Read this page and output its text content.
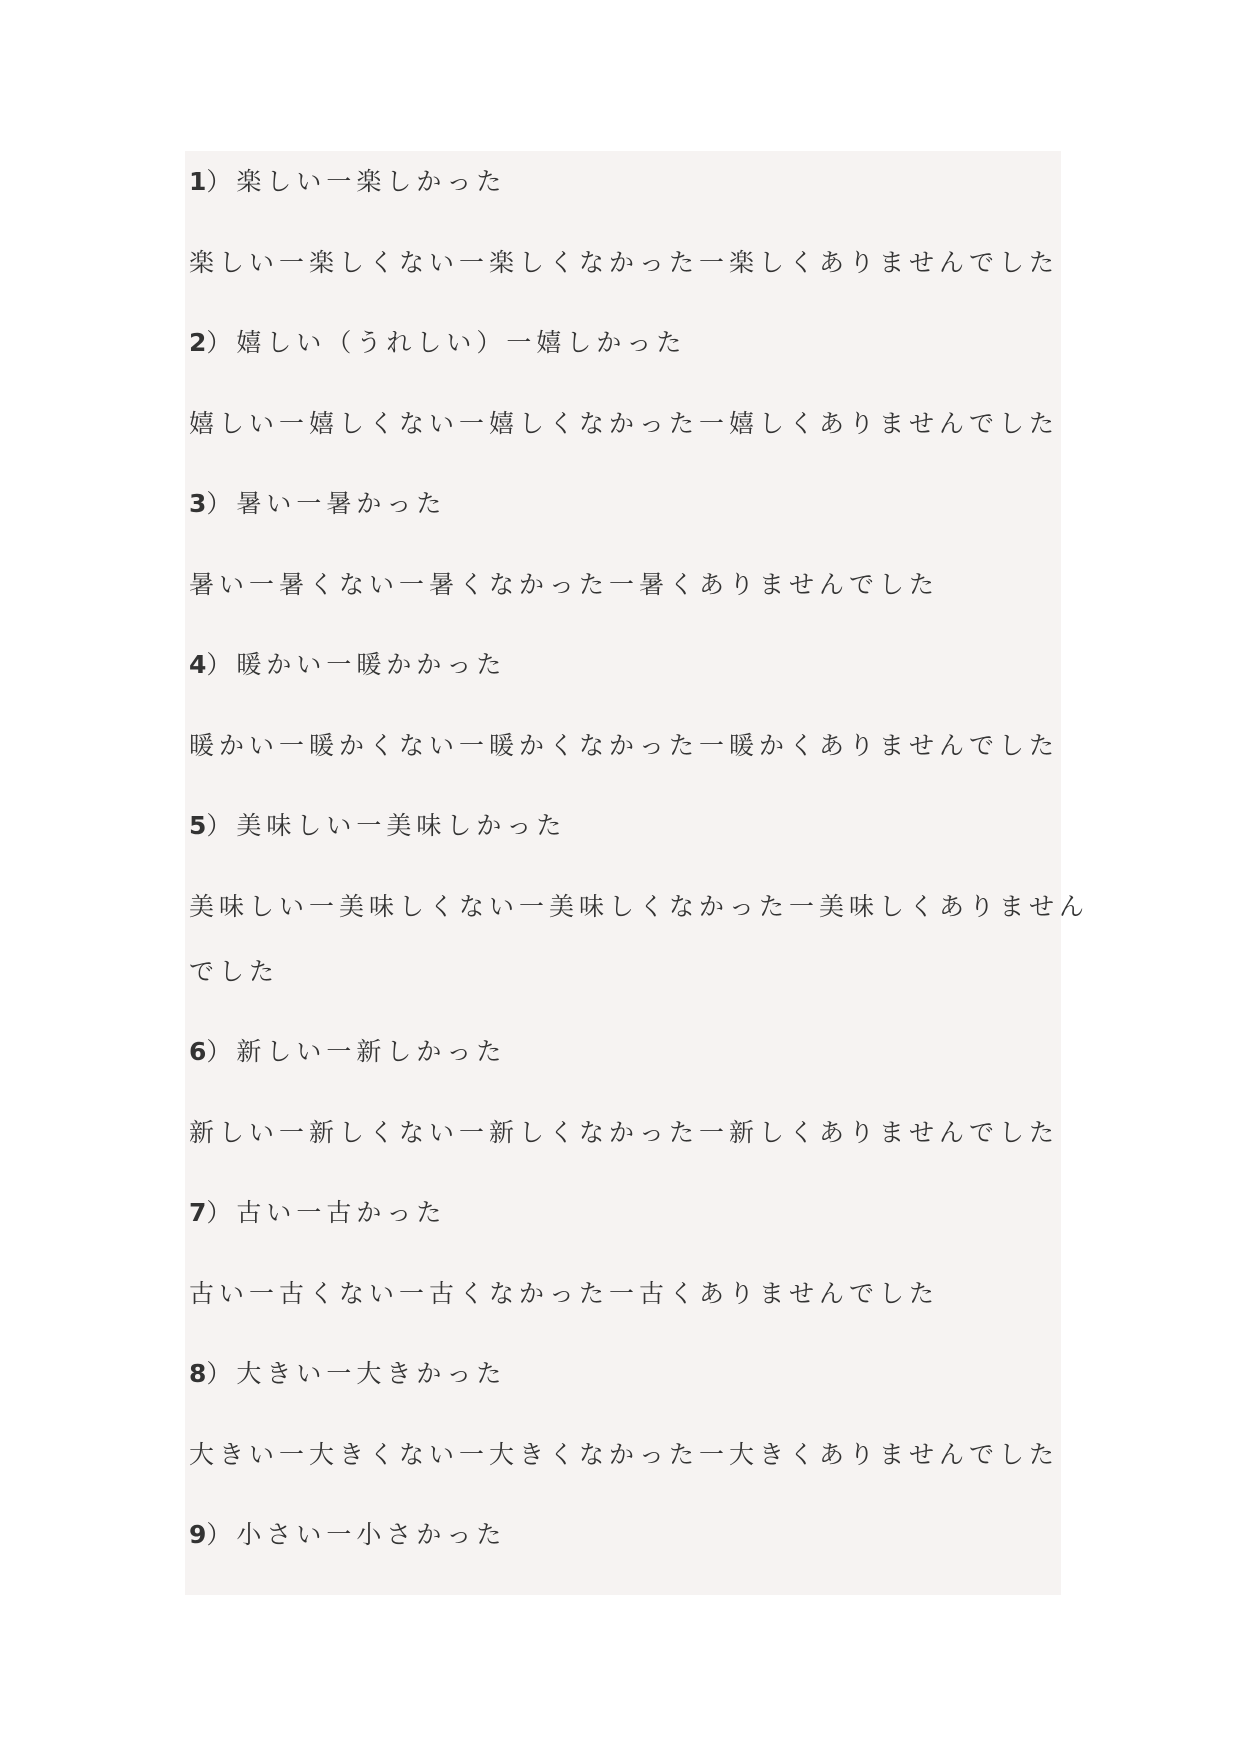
1）楽しい一楽しかった

楽しい一楽しくない一楽しくなかった一楽しくありませんでした

2）嬉しい（うれしい）一嬉しかった

嬉しい一嬉しくない一嬉しくなかった一嬉しくありませんでした

3）暑い一暑かった

暑い一暑くない一暑くなかった一暑くありませんでした

4）暖かい一暖かかった

暖かい一暖かくない一暖かくなかった一暖かくありませんでした

5）美味しい一美味しかった

美味しい一美味しくない一美味しくなかった一美味しくありません

でした

6）新しい一新しかった

新しい一新しくない一新しくなかった一新しくありませんでした

7）古い一古かった

古い一古くない一古くなかった一古くありませんでした

8）大きい一大きかった

大きい一大きくない一大きくなかった一大きくありませんでした

9）小さい一小さかった
